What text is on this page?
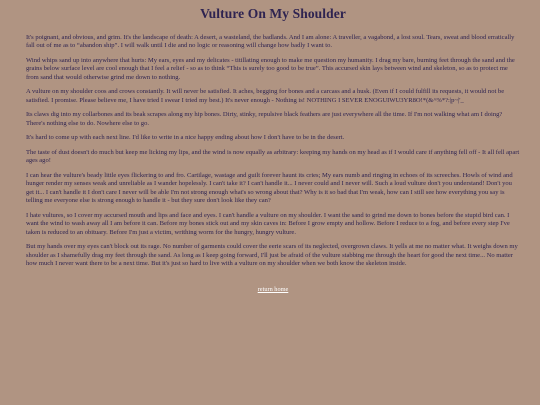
Vulture On My Shoulder

It's poignant, and obvious, and grim. It's the landscape of death: A desert, a wasteland, the badlands. And I am alone: A traveller, a vagabond, a lost soul. Tears, sweat and blood erratically fall out of me as to “abandon ship”. I will walk until I die and no logic or reasoning will change how badly I want to.

Wind whips sand up into anywhere that hurts: My ears, eyes and my delicates - titillating enough to make me question my humanity. I drag my bare, burning feet through the sand and the grains below surface level are cool enough that I feel a relief - so as to think “This is surely too good to be true”. This accursed skin lays between wind and skeleton, so as to protect me from sand that would otherwise grind me down to nothing.

A vulture on my shoulder coos and crows constantly. It will never be satisfied. It aches, begging for bones and a carcass and a husk. (Even if I could fulfill its requests, it would not be satisfied. I promise. Please believe me, I have tried I swear I tried my best.) It's never enough - Nothing is! NOTHING I SEVER ENOGUIWU3YR8O!*(&^%*?:|p~|'_

Its claws dig into my collarbones and its beak scrapes along my hip bones. Dirty, stinky, repulsive black feathers are just everywhere all the time. If I'm not walking what am I doing? There's nothing else to do. Nowhere else to go.

It's hard to come up with each next line. I'd like to write in a nice happy ending about how I don't have to be in the desert.

The taste of dust doesn't do much but keep me licking my lips, and the wind is now equally as arbitrary: keeping my hands on my head as if I would care if anything fell off - It all fell apart ages ago!

I can hear the vulture's beady little eyes flickering to and fro. Cartilage, wastage and guilt forever haunt its cries; My ears numb and ringing in echoes of its screeches. Howls of wind and hunger render my senses weak and unreliable as I wander hopelessly. I can't take it? I can't handle it... I never could and I never will. Such a loud vulture don't you understand! Don't you get it... I can't handle it I don't care I never will be able I'm not strong enough what's so wrong about that? Why is it so bad that I'm weak, how can I still see how everything you say is telling me everyone else is strong enough to handle it - but they sure don't look like they can?

I hate vultures, so I cover my accursed mouth and lips and face and eyes. I can't handle a vulture on my shoulder. I want the sand to grind me down to bones before the stupid bird can. I want the wind to wash away all I am before it can. Before my bones stick out and my skin caves in: Before I grow empty and hollow. Before I reduce to a fog, and before every step I've taken is reduced to an obituary. Before I'm just a victim, writhing worm for the hungry, hungry vulture.

But my hands over my eyes can't block out its rage. No number of garments could cover the eerie scars of its neglected, overgrown claws. It yells at me no matter what. It weighs down my shoulder as I shamefully drag my feet through the sand. As long as I keep going forward, I'll just be afraid of the vulture stabbing me through the heart for good the next time... No matter how much I never want there to be a next time. But it's just so hard to live with a vulture on my shoulder when we both know the skeleton inside.

return home
